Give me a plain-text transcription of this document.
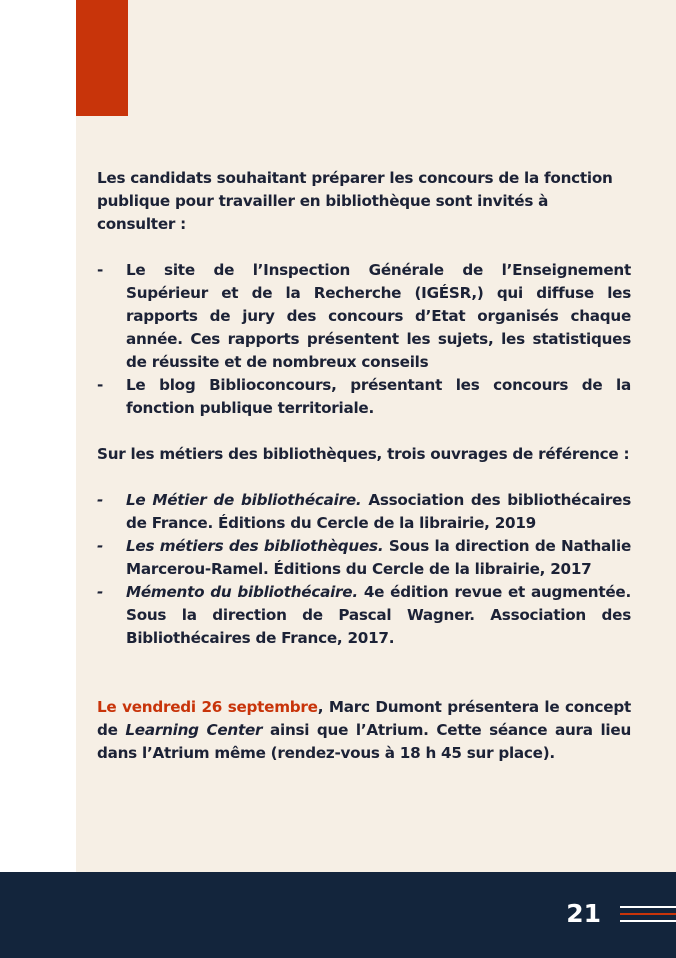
Les candidats souhaitant préparer les concours de la fonction publique pour travailler en bibliothèque sont invités à consulter :

- Le site de l’Inspection Générale de l’Enseignement Supérieur et de la Recherche (IGÉSR,) qui diffuse les rapports de jury des concours d’Etat organisés chaque année. Ces rapports présentent les sujets, les statistiques de réussite et de nombreux conseils
- Le blog Biblioconcours, présentant les concours de la fonction publique territoriale.

Sur les métiers des bibliothèques, trois ouvrages de référence :

- Le Métier de bibliothécaire. Association des bibliothécaires de France. Éditions du Cercle de la librairie, 2019
- Les métiers des bibliothèques. Sous la direction de Nathalie Marcerou-Ramel. Éditions du Cercle de la librairie, 2017
- Mémento du bibliothécaire. 4e édition revue et augmentée. Sous la direction de Pascal Wagner. Association des Bibliothécaires de France, 2017.

Le vendredi 26 septembre, Marc Dumont présentera le concept de Learning Center ainsi que l’Atrium. Cette séance aura lieu dans l’Atrium même (rendez-vous à 18 h 45 sur place).

21
